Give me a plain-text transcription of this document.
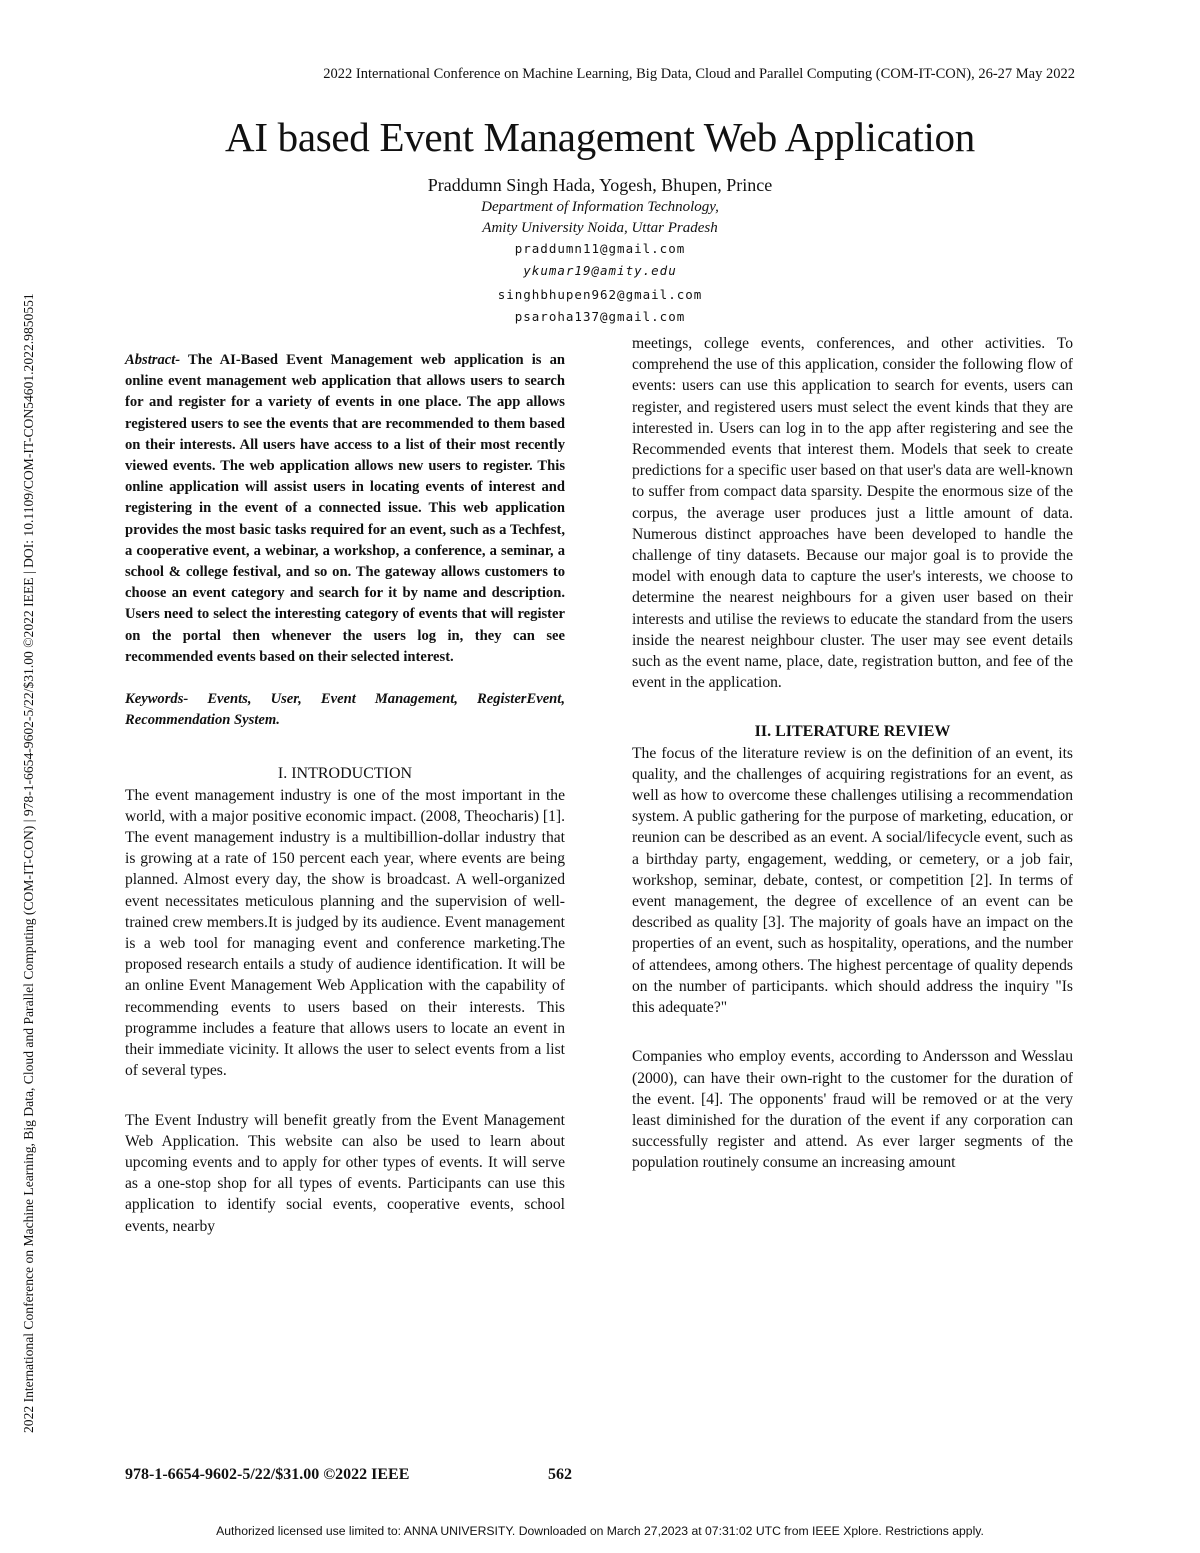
2022 International Conference on Machine Learning, Big Data, Cloud and Parallel Computing (COM-IT-CON), 26-27 May 2022
2022 International Conference on Machine Learning, Big Data, Cloud and Parallel Computing (COM-IT-CON) | 978-1-6654-9602-5/22/$31.00 ©2022 IEEE | DOI: 10.1109/COM-IT-CON54601.2022.9850551
AI based Event Management Web Application
Praddumn Singh Hada, Yogesh, Bhupen, Prince
Department of Information Technology,
Amity University Noida, Uttar Pradesh
praddumn11@gmail.com
ykumar19@amity.edu
singhbhupen962@gmail.com
psaroha137@gmail.com

Abstract- The AI-Based Event Management web application is an online event management web application that allows users to search for and register for a variety of events in one place. The app allows registered users to see the events that are recommended to them based on their interests. All users have access to a list of their most recently viewed events. The web application allows new users to register. This online application will assist users in locating events of interest and registering in the event of a connected issue. This web application provides the most basic tasks required for an event, such as a Techfest, a cooperative event, a webinar, a workshop, a conference, a seminar, a school & college festival, and so on. The gateway allows customers to choose an event category and search for it by name and description. Users need to select the interesting category of events that will register on the portal then whenever the users log in, they can see recommended events based on their selected interest.

Keywords- Events, User, Event Management, RegisterEvent, Recommendation System.

I. INTRODUCTION

The event management industry is one of the most important in the world, with a major positive economic impact. (2008, Theocharis) [1]. The event management industry is a multibillion-dollar industry that is growing at a rate of 150 percent each year, where events are being planned. Almost every day, the show is broadcast. A well-organized event necessitates meticulous planning and the supervision of well-trained crew members.It is judged by its audience. Event management is a web tool for managing event and conference marketing.The proposed research entails a study of audience identification. It will be an online Event Management Web Application with the capability of recommending events to users based on their interests. This programme includes a feature that allows users to locate an event in their immediate vicinity. It allows the user to select events from a list of several types.

The Event Industry will benefit greatly from the Event Management Web Application. This website can also be used to learn about upcoming events and to apply for other types of events. It will serve as a one-stop shop for all types of events. Participants can use this application to identify social events, cooperative events, school events, nearby

meetings, college events, conferences, and other activities. To comprehend the use of this application, consider the following flow of events: users can use this application to search for events, users can register, and registered users must select the event kinds that they are interested in. Users can log in to the app after registering and see the Recommended events that interest them. Models that seek to create predictions for a specific user based on that user's data are well-known to suffer from compact data sparsity. Despite the enormous size of the corpus, the average user produces just a little amount of data. Numerous distinct approaches have been developed to handle the challenge of tiny datasets. Because our major goal is to provide the model with enough data to capture the user's interests, we choose to determine the nearest neighbours for a given user based on their interests and utilise the reviews to educate the standard from the users inside the nearest neighbour cluster. The user may see event details such as the event name, place, date, registration button, and fee of the event in the application.

II. LITERATURE REVIEW

The focus of the literature review is on the definition of an event, its quality, and the challenges of acquiring registrations for an event, as well as how to overcome these challenges utilising a recommendation system. A public gathering for the purpose of marketing, education, or reunion can be described as an event. A social/lifecycle event, such as a birthday party, engagement, wedding, or cemetery, or a job fair, workshop, seminar, debate, contest, or competition [2]. In terms of event management, the degree of excellence of an event can be described as quality [3]. The majority of goals have an impact on the properties of an event, such as hospitality, operations, and the number of attendees, among others. The highest percentage of quality depends on the number of participants. which should address the inquiry "Is this adequate?"

Companies who employ events, according to Andersson and Wesslau (2000), can have their own-right to the customer for the duration of the event. [4]. The opponents' fraud will be removed or at the very least diminished for the duration of the event if any corporation can successfully register and attend. As ever larger segments of the population routinely consume an increasing amount

978-1-6654-9602-5/22/$31.00 ©2022 IEEE	562
Authorized licensed use limited to: ANNA UNIVERSITY. Downloaded on March 27,2023 at 07:31:02 UTC from IEEE Xplore. Restrictions apply.
